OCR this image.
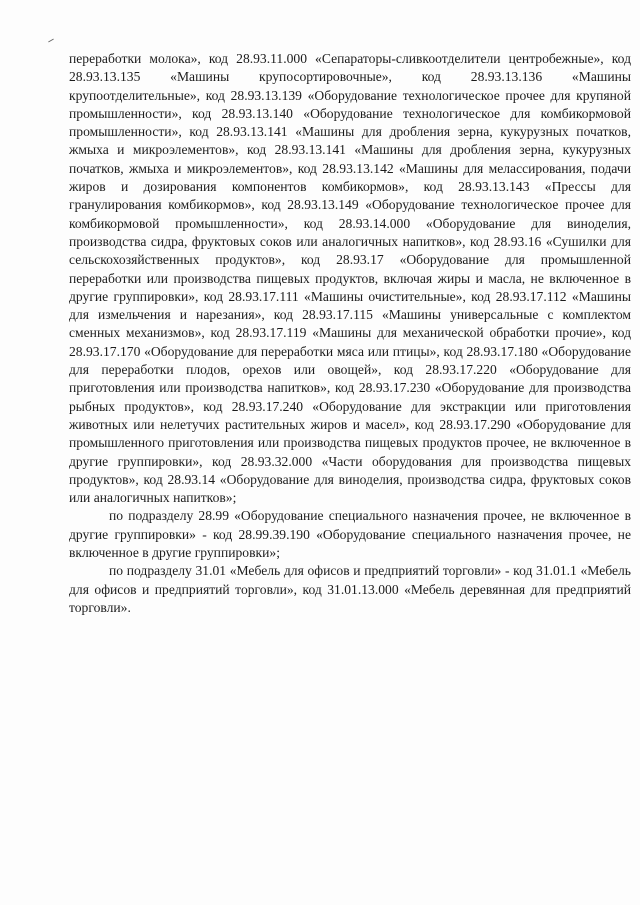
переработки молока», код 28.93.11.000 «Сепараторы-сливкоотделители центробежные», код 28.93.13.135 «Машины крупосортировочные», код 28.93.13.136 «Машины крупоотделительные», код 28.93.13.139 «Оборудование технологическое прочее для крупяной промышленности», код 28.93.13.140 «Оборудование технологическое для комбикормовой промышленности», код 28.93.13.141 «Машины для дробления зерна, кукурузных початков, жмыха и микроэлементов», код 28.93.13.141 «Машины для дробления зерна, кукурузных початков, жмыха и микроэлементов», код 28.93.13.142 «Машины для мелассирования, подачи жиров и дозирования компонентов комбикормов», код 28.93.13.143 «Прессы для гранулирования комбикормов», код 28.93.13.149 «Оборудование технологическое прочее для комбикормовой промышленности», код 28.93.14.000 «Оборудование для виноделия, производства сидра, фруктовых соков или аналогичных напитков», код 28.93.16 «Сушилки для сельскохозяйственных продуктов», код 28.93.17 «Оборудование для промышленной переработки или производства пищевых продуктов, включая жиры и масла, не включенное в другие группировки», код 28.93.17.111 «Машины очистительные», код 28.93.17.112 «Машины для измельчения и нарезания», код 28.93.17.115 «Машины универсальные с комплектом сменных механизмов», код 28.93.17.119 «Машины для механической обработки прочие», код 28.93.17.170 «Оборудование для переработки мяса или птицы», код 28.93.17.180 «Оборудование для переработки плодов, орехов или овощей», код 28.93.17.220 «Оборудование для приготовления или производства напитков», код 28.93.17.230 «Оборудование для производства рыбных продуктов», код 28.93.17.240 «Оборудование для экстракции или приготовления животных или нелетучих растительных жиров и масел», код 28.93.17.290 «Оборудование для промышленного приготовления или производства пищевых продуктов прочее, не включенное в другие группировки», код 28.93.32.000 «Части оборудования для производства пищевых продуктов», код 28.93.14 «Оборудование для виноделия, производства сидра, фруктовых соков или аналогичных напитков»;

по подразделу 28.99 «Оборудование специального назначения прочее, не включенное в другие группировки» - код 28.99.39.190 «Оборудование специального назначения прочее, не включенное в другие группировки»;

по подразделу 31.01 «Мебель для офисов и предприятий торговли» - код 31.01.1 «Мебель для офисов и предприятий торговли», код 31.01.13.000 «Мебель деревянная для предприятий торговли».
